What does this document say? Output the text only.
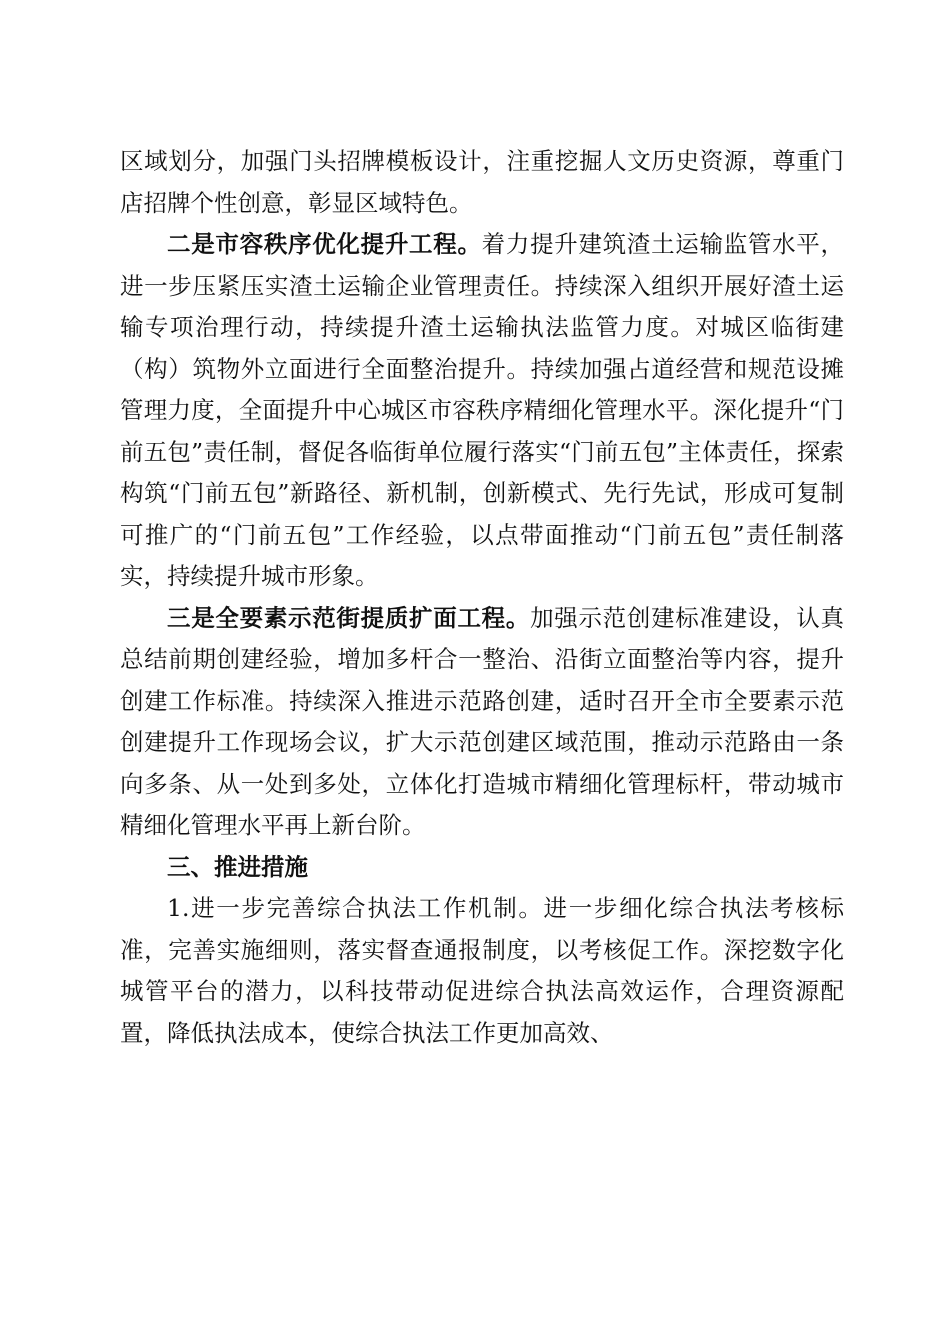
区域划分，加强门头招牌模板设计，注重挖掘人文历史资源，尊重门店招牌个性创意，彰显区域特色。

二是市容秩序优化提升工程。着力提升建筑渣土运输监管水平，进一步压紧压实渣土运输企业管理责任。持续深入组织开展好渣土运输专项治理行动，持续提升渣土运输执法监管力度。对城区临街建（构）筑物外立面进行全面整治提升。持续加强占道经营和规范设摊管理力度，全面提升中心城区市容秩序精细化管理水平。深化提升“门前五包”责任制，督促各临街单位履行落实“门前五包”主体责任，探索构筑“门前五包”新路径、新机制，创新模式、先行先试，形成可复制可推广的“门前五包”工作经验，以点带面推动“门前五包”责任制落实，持续提升城市形象。

三是全要素示范街提质扩面工程。加强示范创建标准建设，认真总结前期创建经验，增加多杆合一整治、沿街立面整治等内容，提升创建工作标准。持续深入推进示范路创建，适时召开全市全要素示范创建提升工作现场会议，扩大示范创建区域范围，推动示范路由一条向多条、从一处到多处，立体化打造城市精细化管理标杆，带动城市精细化管理水平再上新台阶。

三、推进措施

1.进一步完善综合执法工作机制。进一步细化综合执法考核标准，完善实施细则，落实督查通报制度，以考核促工作。深挖数字化城管平台的潜力，以科技带动促进综合执法高效运作，合理资源配置，降低执法成本，使综合执法工作更加高效、
